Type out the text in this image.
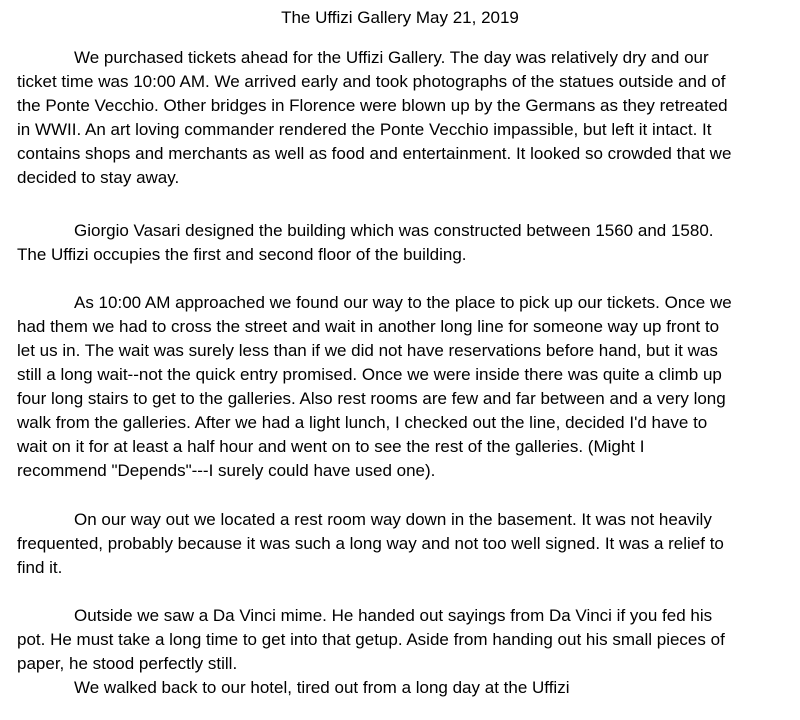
The Uffizi Gallery May 21, 2019

We purchased tickets ahead for the Uffizi Gallery. The day was relatively dry and our
ticket time was 10:00 AM. We arrived early and took photographs of the statues outside and of
the Ponte Vecchio. Other bridges in Florence were blown up by the Germans as they retreated
in WWII. An art loving commander rendered the Ponte Vecchio impassible, but left it intact. It
contains shops and merchants as well as food and entertainment. It looked so crowded that we
decided to stay away.

Giorgio Vasari designed the building which was constructed between 1560 and 1580.
The Uffizi occupies the first and second floor of the building.

As 10:00 AM approached we found our way to the place to pick up our tickets. Once we
had them we had to cross the street and wait in another long line for someone way up front to
let us in. The wait was surely less than if we did not have reservations before hand, but it was
still a long wait--not the quick entry promised. Once we were inside there was quite a climb up
four long stairs to get to the galleries. Also rest rooms are few and far between and a very long
walk from the galleries. After we had a light lunch, I checked out the line, decided I'd have to
wait on it for at least a half hour and went on to see the rest of the galleries. (Might I
recommend "Depends"---I surely could have used one).

On our way out we located a rest room way down in the basement. It was not heavily
frequented, probably because it was such a long way and not too well signed. It was a relief to
find it.

Outside we saw a Da Vinci mime. He handed out sayings from Da Vinci if you fed his
pot. He must take a long time to get into that getup. Aside from handing out his small pieces of
paper, he stood perfectly still.

We walked back to our hotel, tired out from a long day at the Uffizi
